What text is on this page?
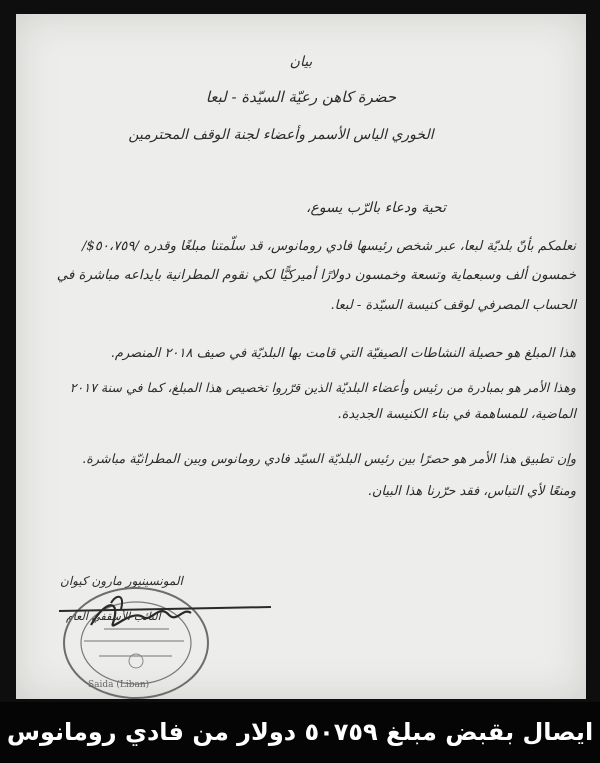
بيان
حضرة كاهن رعيّة السيّدة - لبعا
الخوري الياس الأسمر وأعضاء لجنة الوقف المحترمين
تحية ودعاء بالرّب يسوع،
نعلمكم بأنّ بلديّة لبعا، عبر شخص رئيسها فادي رومانوس، قد سلّمتنا مبلغًا وقدره /٥٠،٧٥٩$/
خمسون ألف وسبعماية وتسعة وخمسون دولارًا أميركيًّا لكي نقوم المطرانية بايداعه مباشرة في
الحساب المصرفي لوقف كنيسة السيّدة - لبعا.
هذا المبلغ هو حصيلة النشاطات الصيفيّة التي قامت بها البلديّة في صيف ٢٠١٨ المنصرم.
وهذا الأمر هو بمبادرة من رئيس وأعضاء البلديّة الذين قرّروا تخصيص هذا المبلغ، كما في سنة ٢٠١٧
الماضية، للمساهمة في بناء الكنيسة الجديدة.
وإن تطبيق هذا الأمر هو حصرًا بين رئيس البلديّة السيّد فادي رومانوس وبين المطرانيّة مباشرة.
ومنعًا لأي التباس، فقد حرّرنا هذا البيان.
المونسينيور مارون كيوان
النائب الأسقفي العام
Saida (Liban)
ايصال بقبض مبلغ ٥٠٧٥٩ دولار من فادي رومانوس
